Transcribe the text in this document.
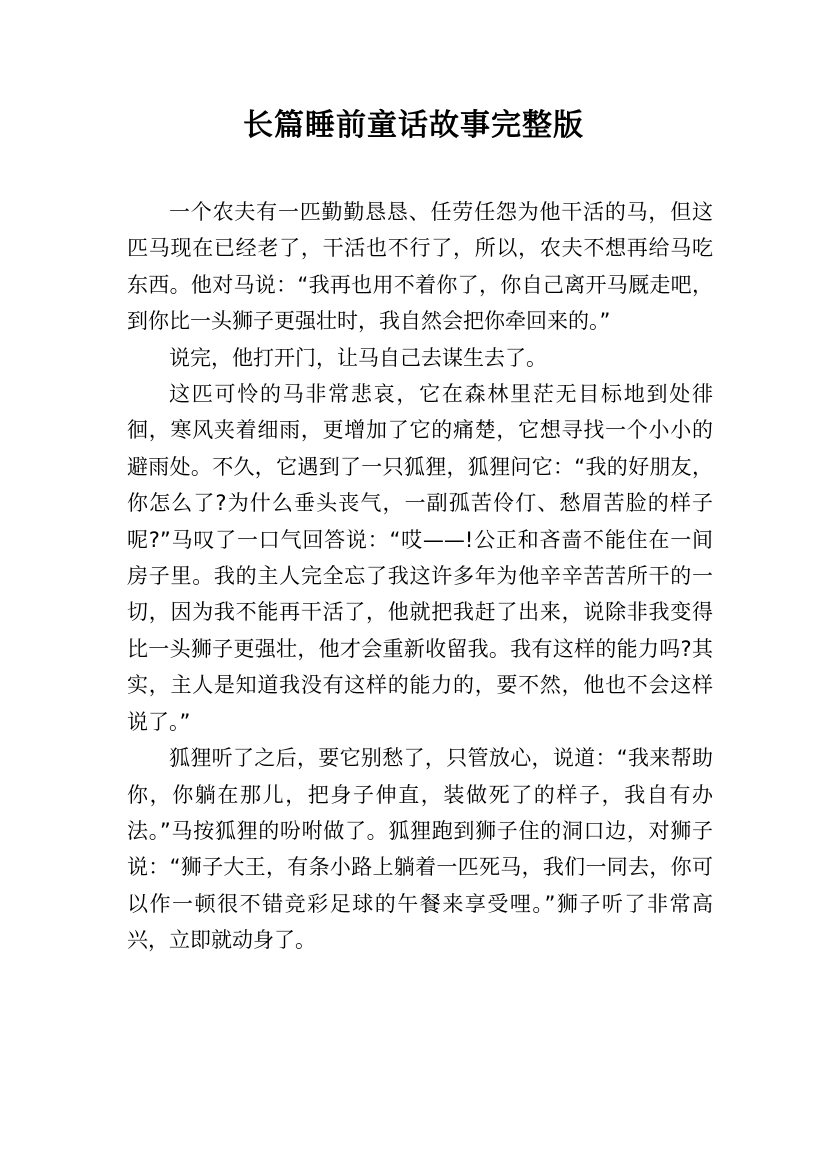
长篇睡前童话故事完整版

一个农夫有一匹勤勤恳恳、任劳任怨为他干活的马，但这匹马现在已经老了，干活也不行了，所以，农夫不想再给马吃东西。他对马说：“我再也用不着你了，你自己离开马厩走吧，到你比一头狮子更强壮时，我自然会把你牵回来的。”

说完，他打开门，让马自己去谋生去了。

这匹可怜的马非常悲哀，它在森林里茫无目标地到处徘徊，寒风夹着细雨，更增加了它的痛楚，它想寻找一个小小的避雨处。不久，它遇到了一只狐狸，狐狸问它：“我的好朋友，你怎么了?为什么垂头丧气，一副孤苦伶仃、愁眉苦脸的样子呢?”马叹了一口气回答说：“哎——!公正和吝啬不能住在一间房子里。我的主人完全忘了我这许多年为他辛辛苦苦所干的一切，因为我不能再干活了，他就把我赶了出来，说除非我变得比一头狮子更强壮，他才会重新收留我。我有这样的能力吗?其实，主人是知道我没有这样的能力的，要不然，他也不会这样说了。”

狐狸听了之后，要它别愁了，只管放心，说道：“我来帮助你，你躺在那儿，把身子伸直，装做死了的样子，我自有办法。”马按狐狸的吩咐做了。狐狸跑到狮子住的洞口边，对狮子说：“狮子大王，有条小路上躺着一匹死马，我们一同去，你可以作一顿很不错竞彩足球的午餐来享受哩。”狮子听了非常高兴，立即就动身了。
